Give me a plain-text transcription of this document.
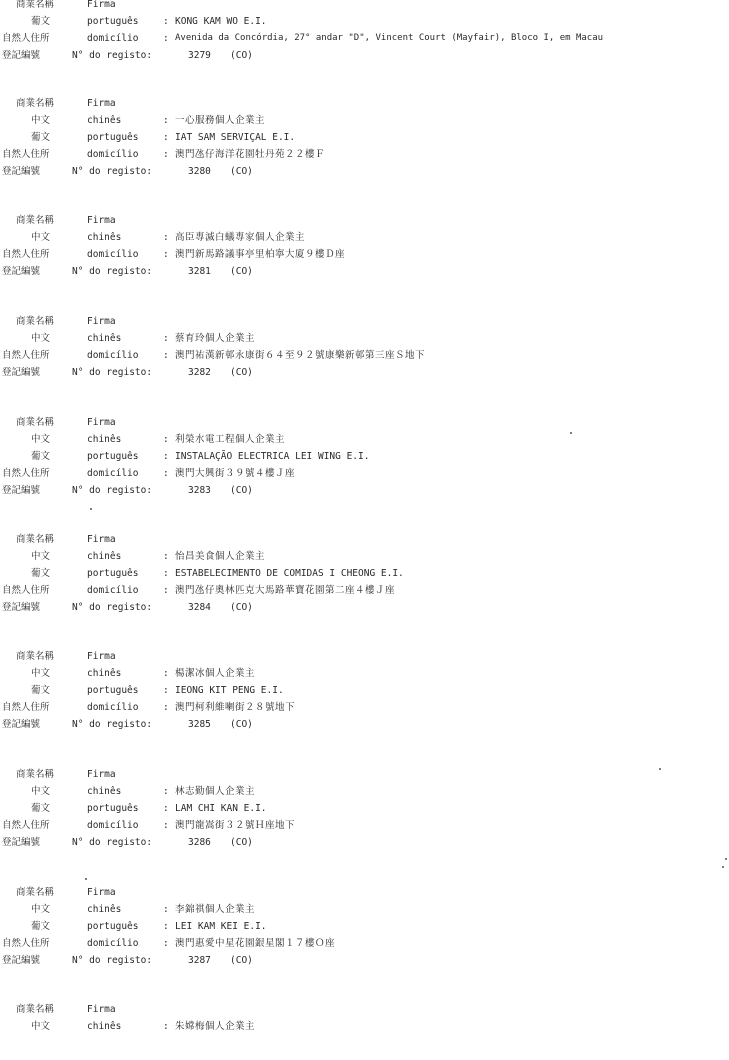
商業名稱	Firma
葡文	português	: KONG KAM WO E.I.
自然人住所	domicílio	: Avenida da Concórdia, 27° andar "D", Vincent Court (Mayfair), Bloco I, em Macau
登記編號	N° do registo:	3279 (CO)
商業名稱	Firma
中文	chinês	: 一心服務個人企業主
葡文	português	: IAT SAM SERVIÇAL E.I.
自然人住所	domicílio	: 澳門氹仔海洋花園牡丹苑２２樓Ｆ
登記編號	N° do registo:	3280 (CO)
商業名稱	Firma
中文	chinês	: 高臣專滅白蟻專家個人企業主
自然人住所	domicílio	: 澳門新馬路議事亭里柏寧大廈９樓Ｄ座
登記編號	N° do registo:	3281 (CO)
商業名稱	Firma
中文	chinês	: 蔡育玲個人企業主
自然人住所	domicílio	: 澳門祐漢新邨永康街６４至９２號康樂新邨第三座Ｓ地下
登記編號	N° do registo:	3282 (CO)
商業名稱	Firma
中文	chinês	: 利榮水電工程個人企業主
葡文	português	: INSTALAÇÃO ELECTRICA LEI WING E.I.
自然人住所	domicílio	: 澳門大興街３９號４樓Ｊ座
登記編號	N° do registo:	3283 (CO)
商業名稱	Firma
中文	chinês	: 怡昌美食個人企業主
葡文	português	: ESTABELECIMENTO DE COMIDAS I CHEONG E.I.
自然人住所	domicílio	: 澳門氹仔奧林匹克大馬路華寶花園第二座４樓Ｊ座
登記編號	N° do registo:	3284 (CO)
商業名稱	Firma
中文	chinês	: 楊潔冰個人企業主
葡文	português	: IEONG KIT PENG E.I.
自然人住所	domicílio	: 澳門柯利維喇街２８號地下
登記編號	N° do registo:	3285 (CO)
商業名稱	Firma
中文	chinês	: 林志勤個人企業主
葡文	português	: LAM CHI KAN E.I.
自然人住所	domicílio	: 澳門龍嵩街３２號Ｈ座地下
登記編號	N° do registo:	3286 (CO)
商業名稱	Firma
中文	chinês	: 李錦祺個人企業主
葡文	português	: LEI KAM KEI E.I.
自然人住所	domicílio	: 澳門惠愛中星花園銀星閣１７樓Ｏ座
登記編號	N° do registo:	3287 (CO)
商業名稱	Firma
中文	chinês	: 朱嫦梅個人企業主
